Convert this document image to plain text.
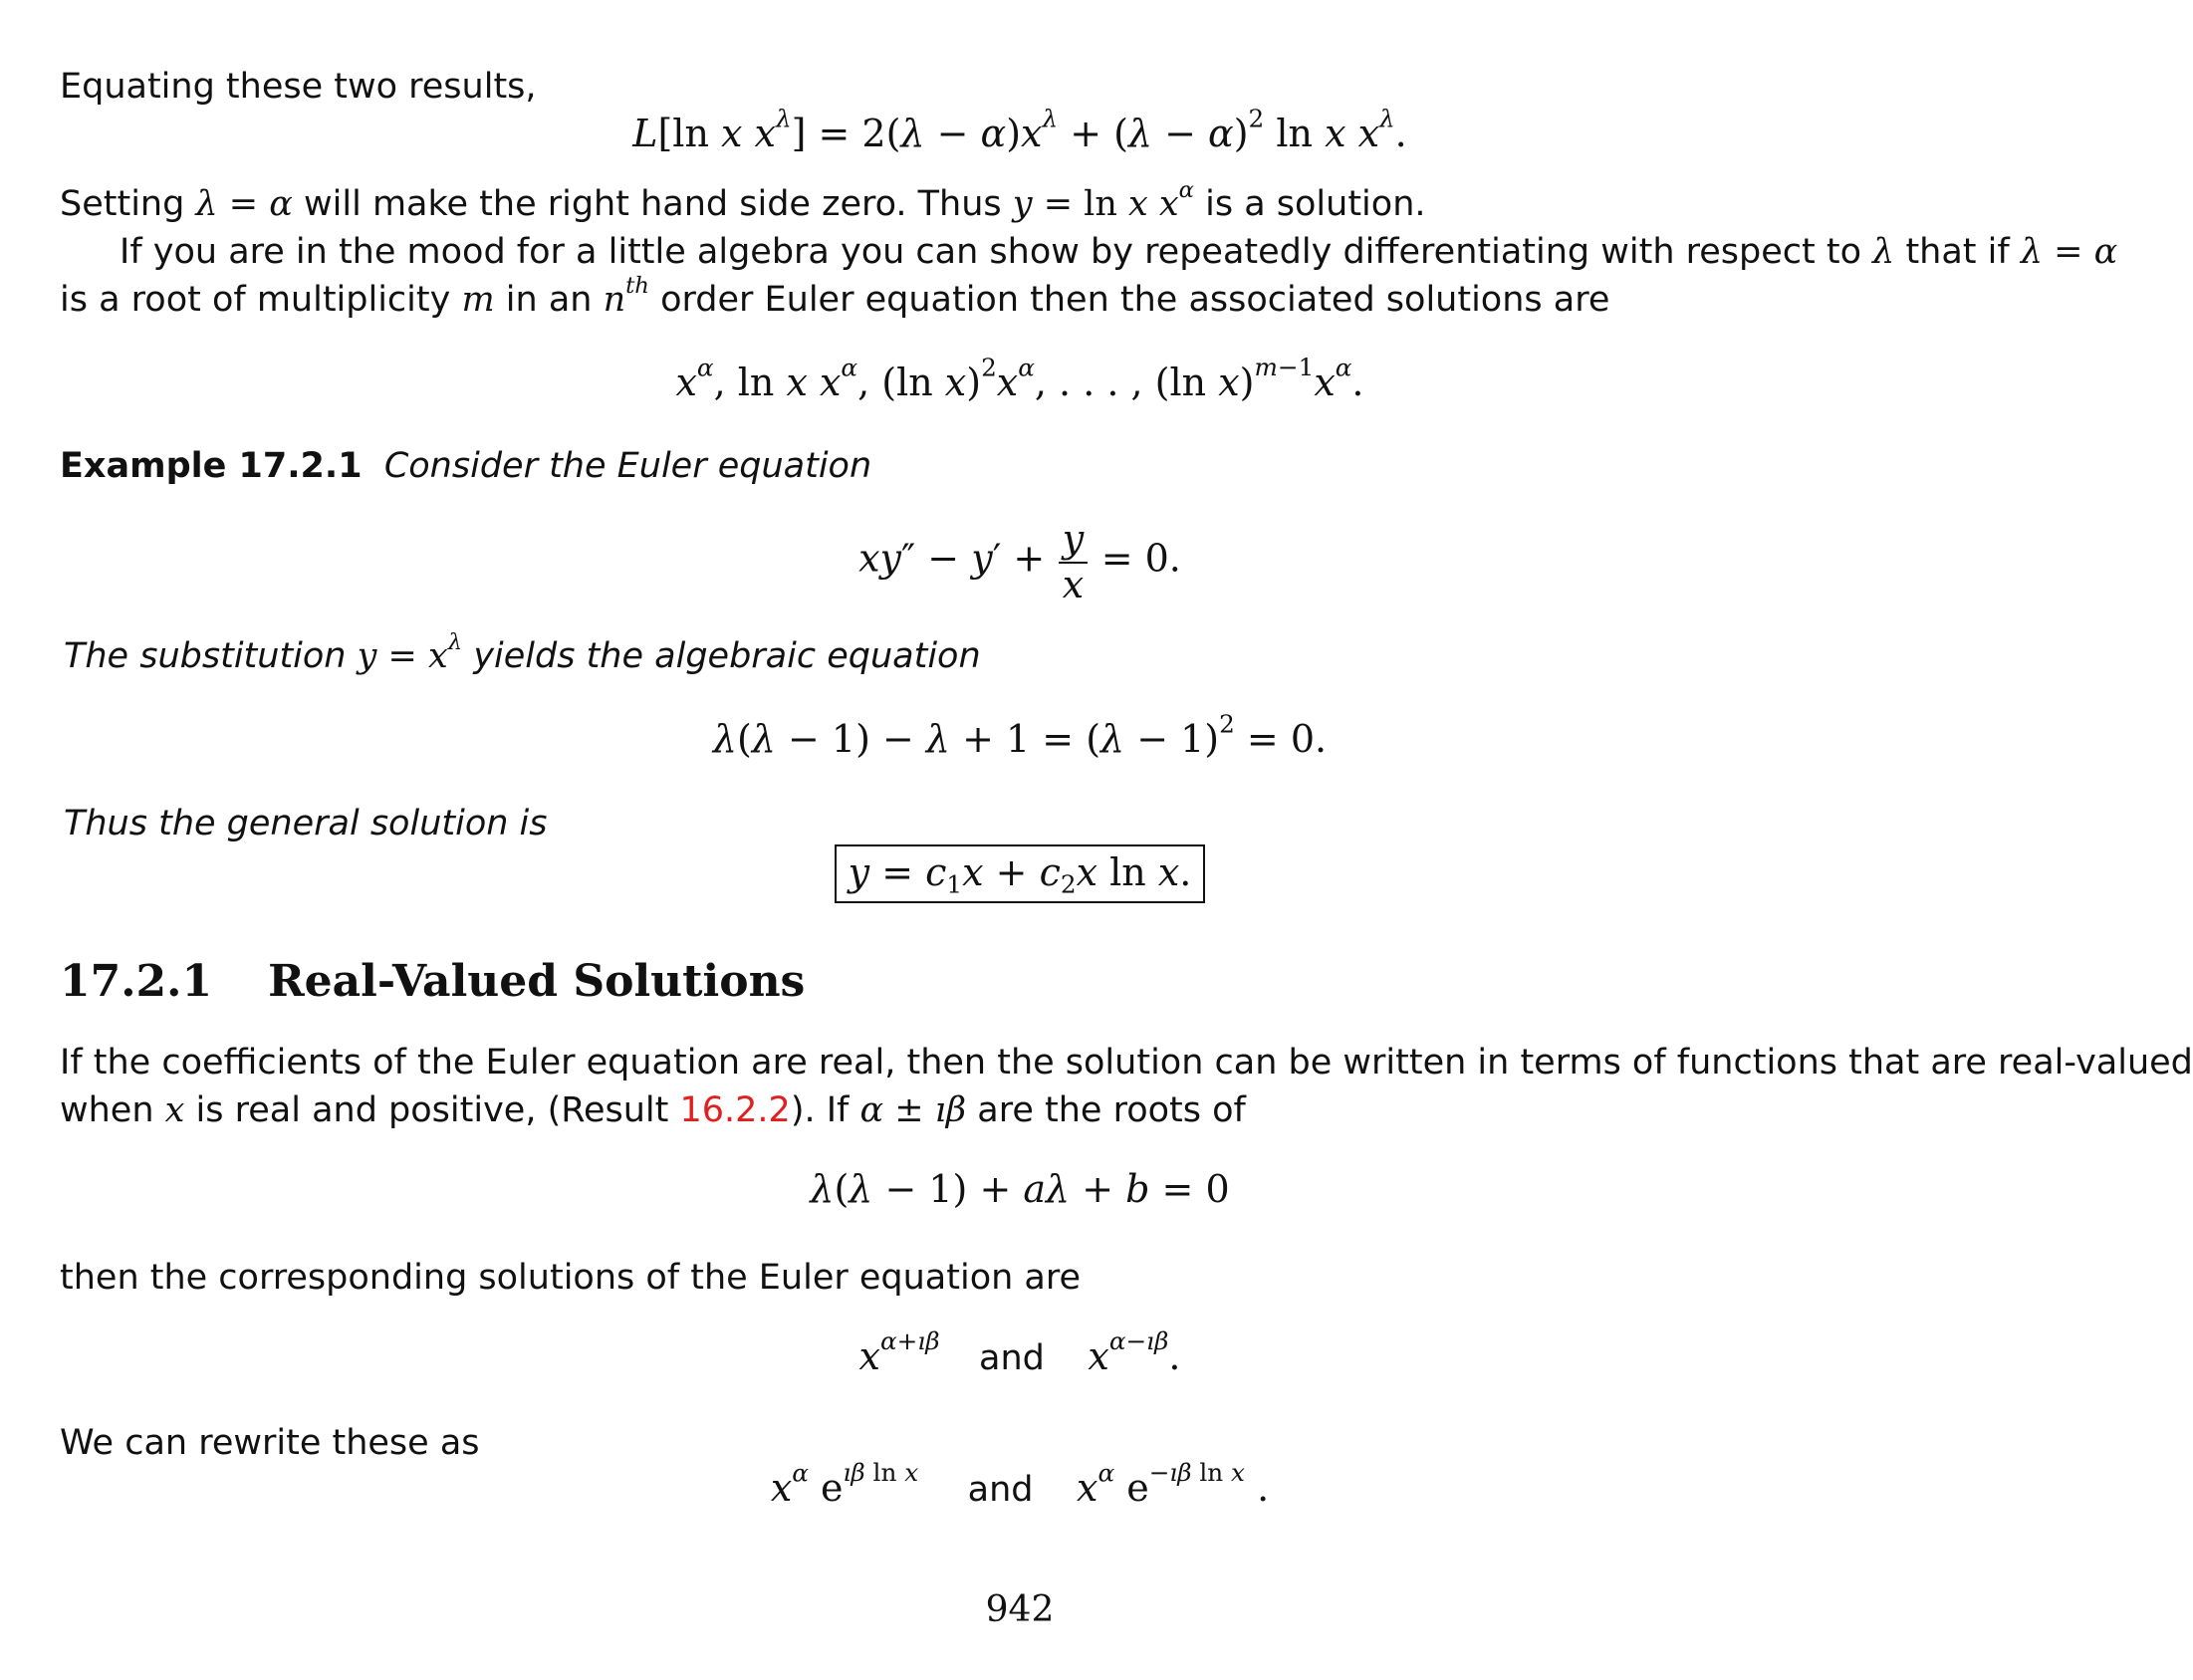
Equating these two results,
L[ln x $x^\lambda] = 2(\lambda - \alpha)x^\lambda + (\lambda - \alpha)^2$ ln x $x^\lambda$.
Setting λ = α will make the right hand side zero. Thus y = ln x $x^\alpha$ is a solution.
If you are in the mood for a little algebra you can show by repeatedly differentiating with respect to λ that if λ = α
is a root of multiplicity m in an $n^{th}$ order Euler equation then the associated solutions are
$x^\alpha$, ln x $x^\alpha$, (ln $x)^2x^\alpha$, . . . , (ln $x)^{m-1}x^\alpha$.
Example 17.2.1 Consider the Euler equation
$xy'' - y' + \frac{y}{x} = 0$.
The substitution $y = x^\lambda$ yields the algebraic equation
$\lambda(\lambda - 1) - \lambda + 1 = (\lambda - 1)^2 = 0$.
Thus the general solution is
$y = c_1x + c_2x$ ln x.
17.2.1 Real-Valued Solutions
If the coefficients of the Euler equation are real, then the solution can be written in terms of functions that are real-valued
when x is real and positive, (Result 16.2.2). If α ± ıβ are the roots of
λ(λ − 1) + aλ + b = 0
then the corresponding solutions of the Euler equation are
$x^{\alpha+ı\beta}$ and $x^{\alpha-ı\beta}$.
We can rewrite these as
$x^\alpha$ $e^{ı\beta ln x}$ and $x^\alpha$ $e^{-ı\beta ln x}$ .
942
